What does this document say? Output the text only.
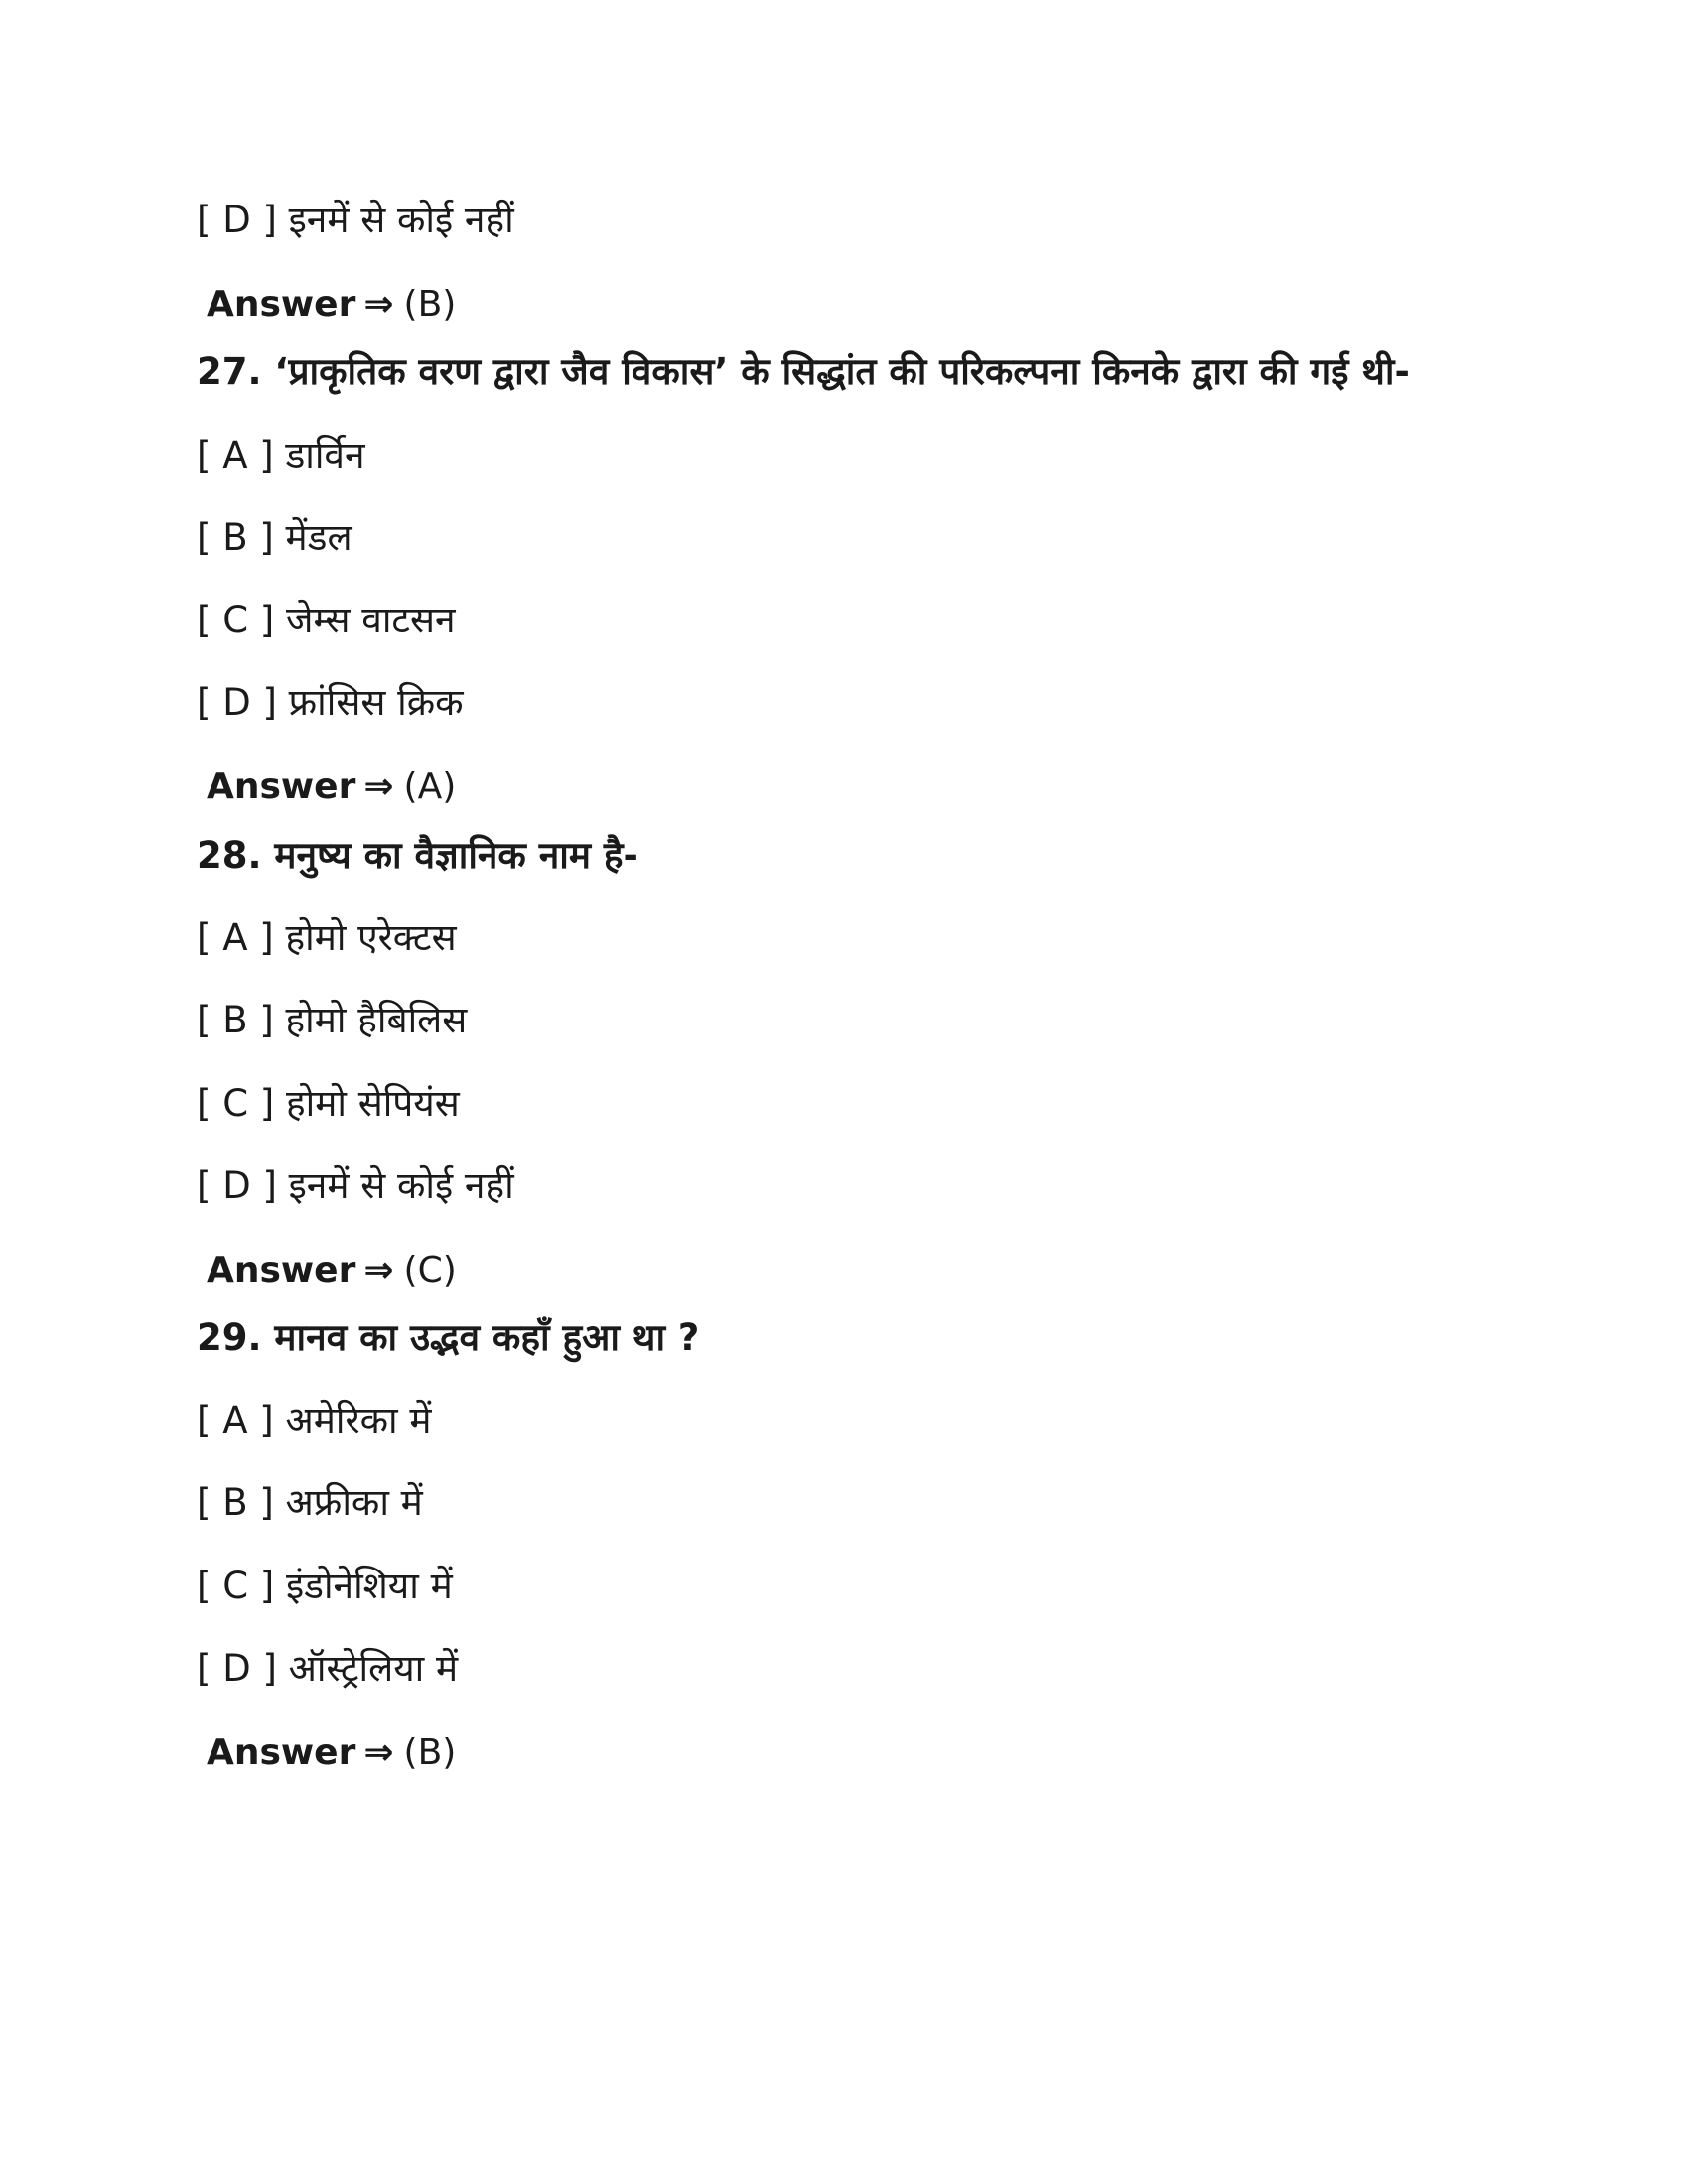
[ D ] इनमें से कोई नहीं
Answer ⇒ (B)
27. ‘प्राकृतिक वरण द्वारा जैव विकास’ के सिद्धांत की परिकल्पना किनके द्वारा की गई थी-
[ A ] डार्विन
[ B ] मेंडल
[ C ] जेम्स वाटसन
[ D ] फ्रांसिस क्रिक
Answer ⇒ (A)
28. मनुष्य का वैज्ञानिक नाम है-
[ A ] होमो एरेक्टस
[ B ] होमो हैबिलिस
[ C ] होमो सेपियंस
[ D ] इनमें से कोई नहीं
Answer ⇒ (C)
29. मानव का उद्भव कहाँ हुआ था ?
[ A ] अमेरिका में
[ B ] अफ्रीका में
[ C ] इंडोनेशिया में
[ D ] ऑस्ट्रेलिया में
Answer ⇒ (B)
